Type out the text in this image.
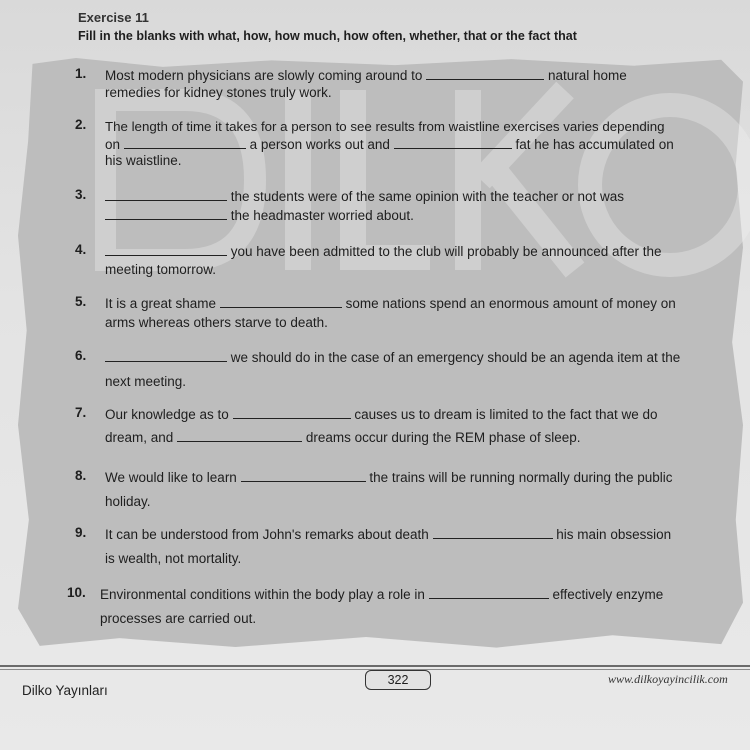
Exercise 11
Fill in the blanks with what, how, how much, how often, whether, that or the fact that
1. Most modern physicians are slowly coming around to	natural home
remedies for kidney stones truly work.
2. The length of time it takes for a person to see results from waistline exercises varies depending
on	a person works out and	fat he has accumulated on
his waistline.
3.	the students were of the same opinion with the teacher or not was
the headmaster worried about.
4.	you have been admitted to the club will probably be announced after the
meeting tomorrow.
5. It is a great shame	some nations spend an enormous amount of money on
arms whereas others starve to death.
6.	we should do in the case of an emergency should be an agenda item at the
next meeting.
7. Our knowledge as to	causes us to dream is limited to the fact that we do
dream, and	dreams occur during the REM phase of sleep.
8. We would like to learn	the trains will be running normally during the public
holiday.
9. It can be understood from John's remarks about death	his main obsession
is wealth, not mortality.
10. Environmental conditions within the body play a role in	effectively enzyme
processes are carried out.
Dilko Yayınları
322	www.dilkoyayincilik.com
